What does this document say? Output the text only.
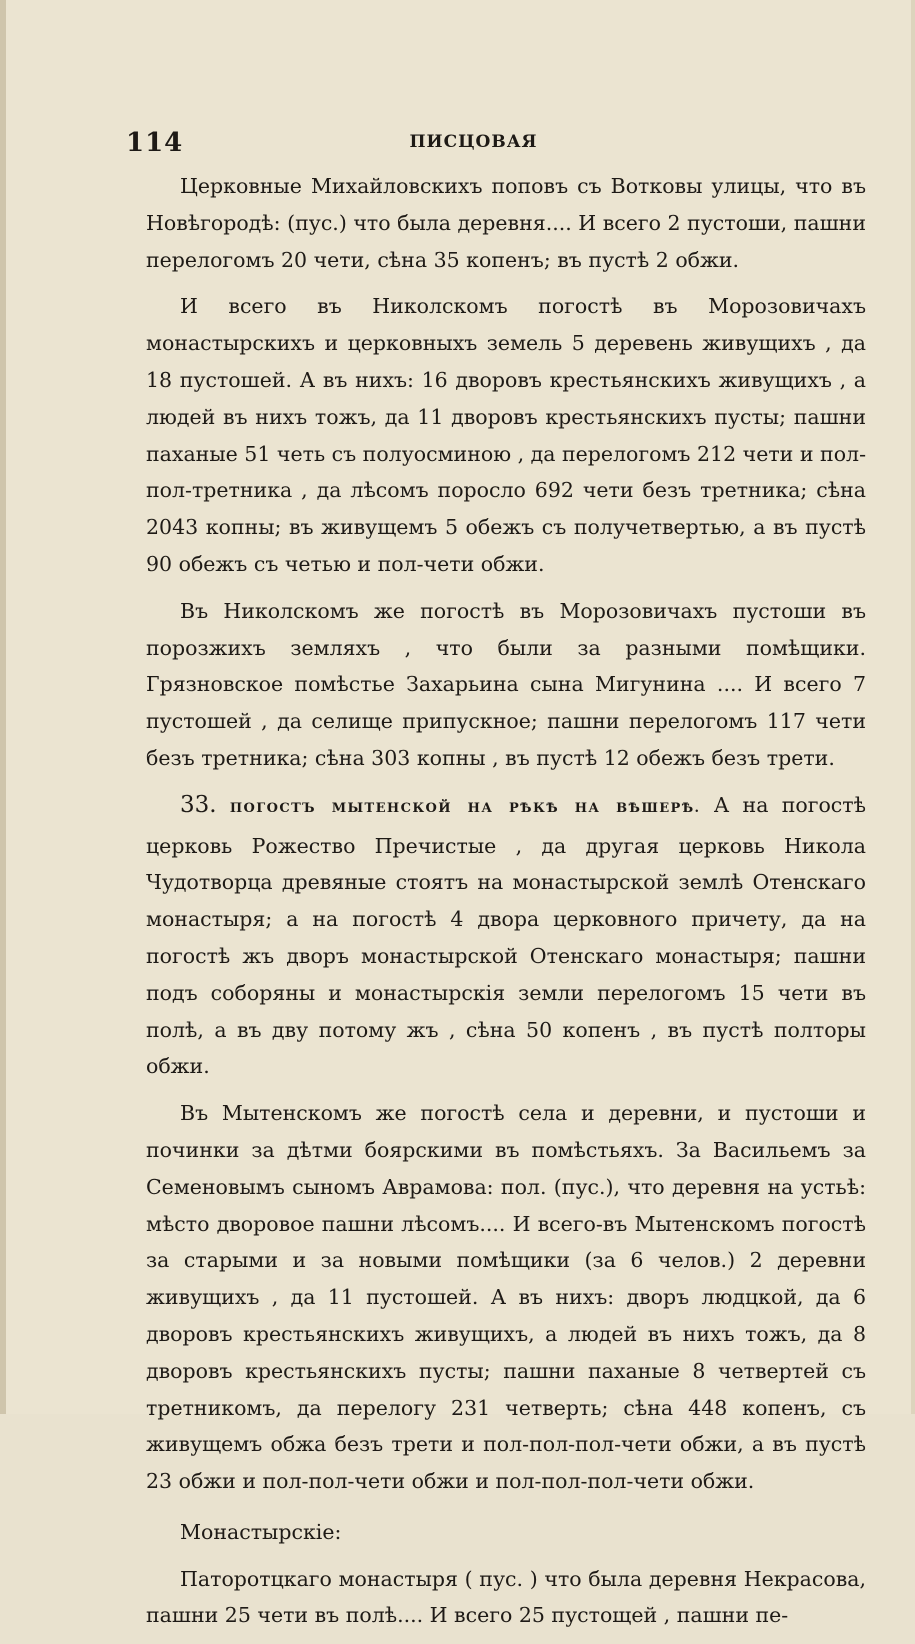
114	ПИСЦОВАЯ

Церковные Михайловскихъ поповъ съ Вотковы улицы, что въ Новѣгородѣ: (пус.) что была деревня.... И всего 2 пустоши, пашни перелогомъ 20 чети, сѣна 35 копенъ; въ пустѣ 2 обжи.

И всего въ Николскомъ погостѣ въ Морозовичахъ монастырскихъ и церковныхъ земель 5 деревень живущихъ , да 18 пустошей. А въ нихъ: 16 дворовъ крестьянскихъ живущихъ , а людей въ нихъ тожъ, да 11 дворовъ крестьянскихъ пусты; пашни паханые 51 четь съ полуосминою , да перелогомъ 212 чети и пол-пол-третника , да лѣсомъ поросло 692 чети безъ третника; сѣна 2043 копны; въ живущемъ 5 обежъ съ получетвертью, а въ пустѣ 90 обежъ съ четью и пол-чети обжи.

Въ Николскомъ же погостѣ въ Морозовичахъ пустоши въ порозжихъ земляхъ , что были за разными помѣщики. Грязновское помѣстье Захарьина сына Мигунина .... И всего 7 пустошей , да селище припускное; пашни перелогомъ 117 чети безъ третника; сѣна 303 копны , въ пустѣ 12 обежъ безъ трети.

33. ПОГОСТЪ МЫТЕНСКОЙ НА РѢКѢ НА ВѢШЕРѢ. А на погостѣ церковь Рожество Пречистые , да другая церковь Никола Чудотворца древяные стоятъ на монастырской землѣ Отенскаго монастыря; а на погостѣ 4 двора церковного причету, да на погостѣ жъ дворъ монастырской Отенскаго монастыря; пашни подъ соборяны и монастырскія земли перелогомъ 15 чети въ полѣ, а въ дву потому жъ , сѣна 50 копенъ , въ пустѣ полторы обжи.

Въ Мытенскомъ же погостѣ села и деревни, и пустоши и починки за дѣтми боярскими въ помѣстьяхъ. За Васильемъ за Семеновымъ сыномъ Аврамова: пол. (пус.), что деревня на устьѣ: мѣсто дворовое пашни лѣсомъ.... И всего-въ Мытенскомъ погостѣ за старыми и за новыми помѣщики (за 6 челов.) 2 деревни живущихъ , да 11 пустошей. А въ нихъ: дворъ людцкой, да 6 дворовъ крестьянскихъ живущихъ, а людей въ нихъ тожъ, да 8 дворовъ крестьянскихъ пусты; пашни паханые 8 четвертей съ третникомъ, да перелогу 231 четверть; сѣна 448 копенъ, съ живущемъ обжа безъ трети и пол-пол-пол-чети обжи, а въ пустѣ 23 обжи и пол-пол-чети обжи и пол-пол-пол-чети обжи.

Монастырскіе:

Паторотцкаго монастыря ( пус. ) что была деревня Некрасова, пашни 25 чети въ полѣ.... И всего 25 пустощей , пашни пе-
